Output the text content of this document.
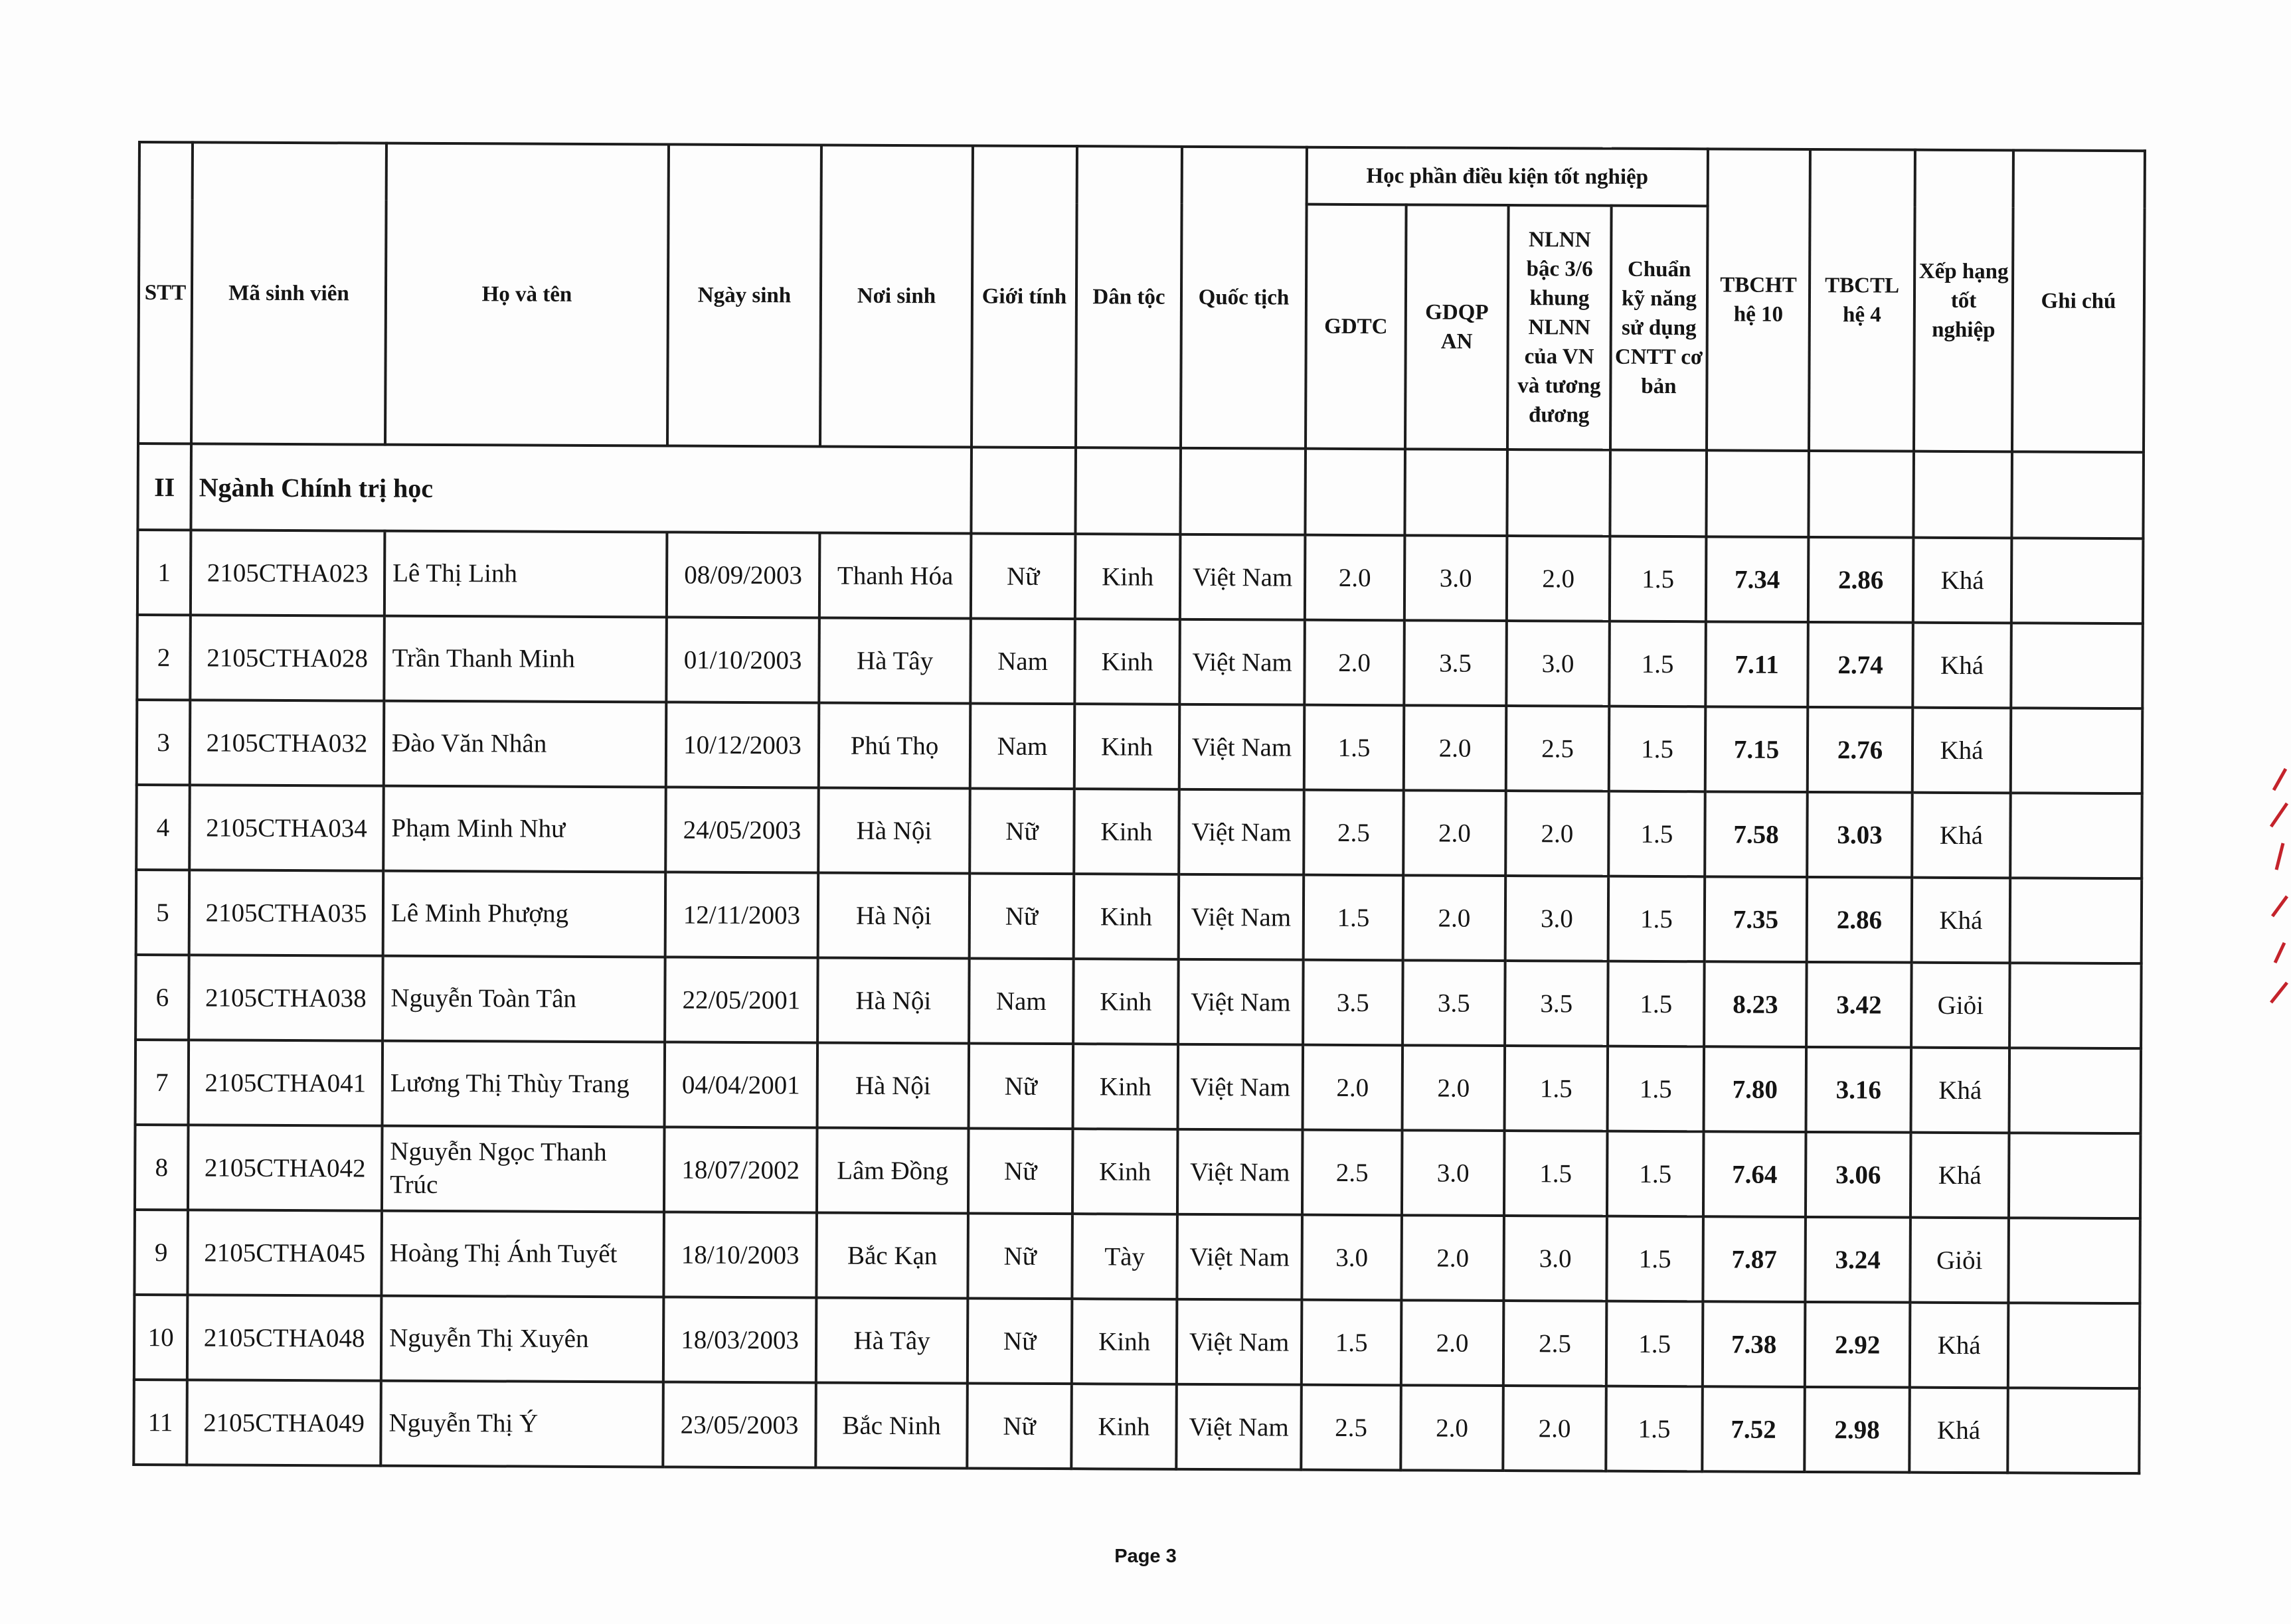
STT	Mã sinh viên	Họ và tên	Ngày sinh	Nơi sinh	Giới tính	Dân tộc	Quốc tịch	Học phần điều kiện tốt nghiệp				TBCHT hệ 10	TBCTL hệ 4	Xếp hạng tốt nghiệp	Ghi chú
								GDTC	GDQP AN	NLNN bậc 3/6 khung NLNN của VN và tương đương	Chuẩn kỹ năng sử dụng CNTT cơ bản				
II	Ngành Chính trị học														
1	2105CTHA023	Lê Thị Linh	08/09/2003	Thanh Hóa	Nữ	Kinh	Việt Nam	2.0	3.0	2.0	1.5	7.34	2.86	Khá	
2	2105CTHA028	Trần Thanh Minh	01/10/2003	Hà Tây	Nam	Kinh	Việt Nam	2.0	3.5	3.0	1.5	7.11	2.74	Khá	
3	2105CTHA032	Đào Văn Nhân	10/12/2003	Phú Thọ	Nam	Kinh	Việt Nam	1.5	2.0	2.5	1.5	7.15	2.76	Khá	
4	2105CTHA034	Phạm Minh Như	24/05/2003	Hà Nội	Nữ	Kinh	Việt Nam	2.5	2.0	2.0	1.5	7.58	3.03	Khá	
5	2105CTHA035	Lê Minh Phượng	12/11/2003	Hà Nội	Nữ	Kinh	Việt Nam	1.5	2.0	3.0	1.5	7.35	2.86	Khá	
6	2105CTHA038	Nguyễn Toàn Tân	22/05/2001	Hà Nội	Nam	Kinh	Việt Nam	3.5	3.5	3.5	1.5	8.23	3.42	Giỏi	
7	2105CTHA041	Lương Thị Thùy Trang	04/04/2001	Hà Nội	Nữ	Kinh	Việt Nam	2.0	2.0	1.5	1.5	7.80	3.16	Khá	
8	2105CTHA042	Nguyễn Ngọc Thanh Trúc	18/07/2002	Lâm Đồng	Nữ	Kinh	Việt Nam	2.5	3.0	1.5	1.5	7.64	3.06	Khá	
9	2105CTHA045	Hoàng Thị Ánh Tuyết	18/10/2003	Bắc Kạn	Nữ	Tày	Việt Nam	3.0	2.0	3.0	1.5	7.87	3.24	Giỏi	
10	2105CTHA048	Nguyễn Thị Xuyên	18/03/2003	Hà Tây	Nữ	Kinh	Việt Nam	1.5	2.0	2.5	1.5	7.38	2.92	Khá	
11	2105CTHA049	Nguyễn Thị Ý	23/05/2003	Bắc Ninh	Nữ	Kinh	Việt Nam	2.5	2.0	2.0	1.5	7.52	2.98	Khá	
Page 3
